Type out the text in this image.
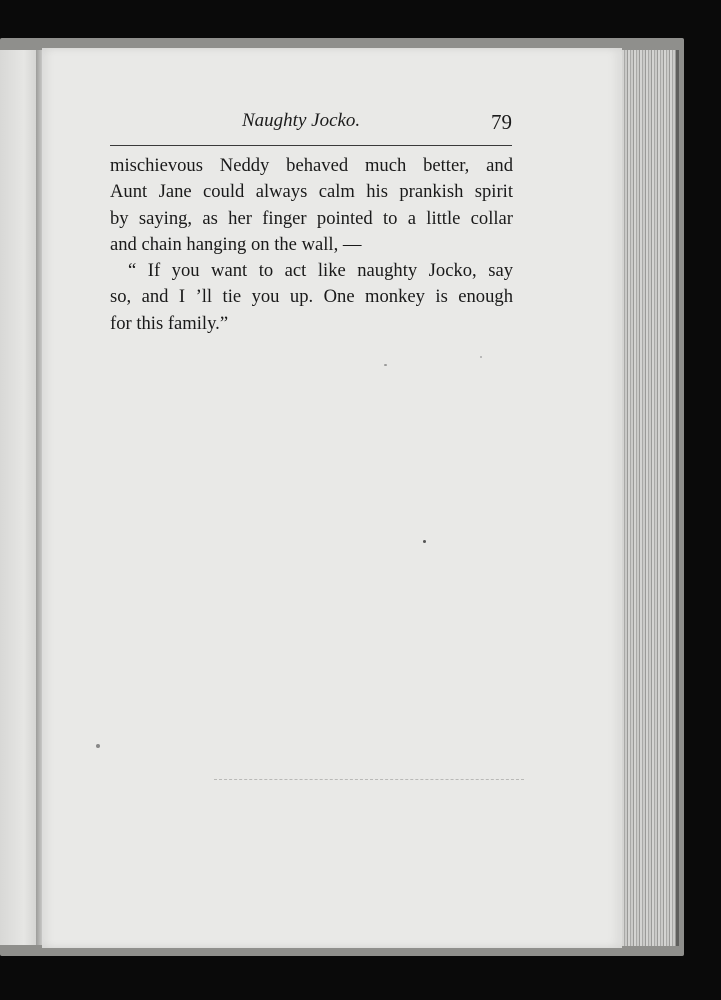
Naughty Jocko.	79
mischievous Neddy behaved much better, and
Aunt Jane could always calm his prankish spirit
by saying, as her finger pointed to a little collar
and chain hanging on the wall, —
“ If you want to act like naughty Jocko, say
so, and I ’ll tie you up. One monkey is enough
for this family.”
